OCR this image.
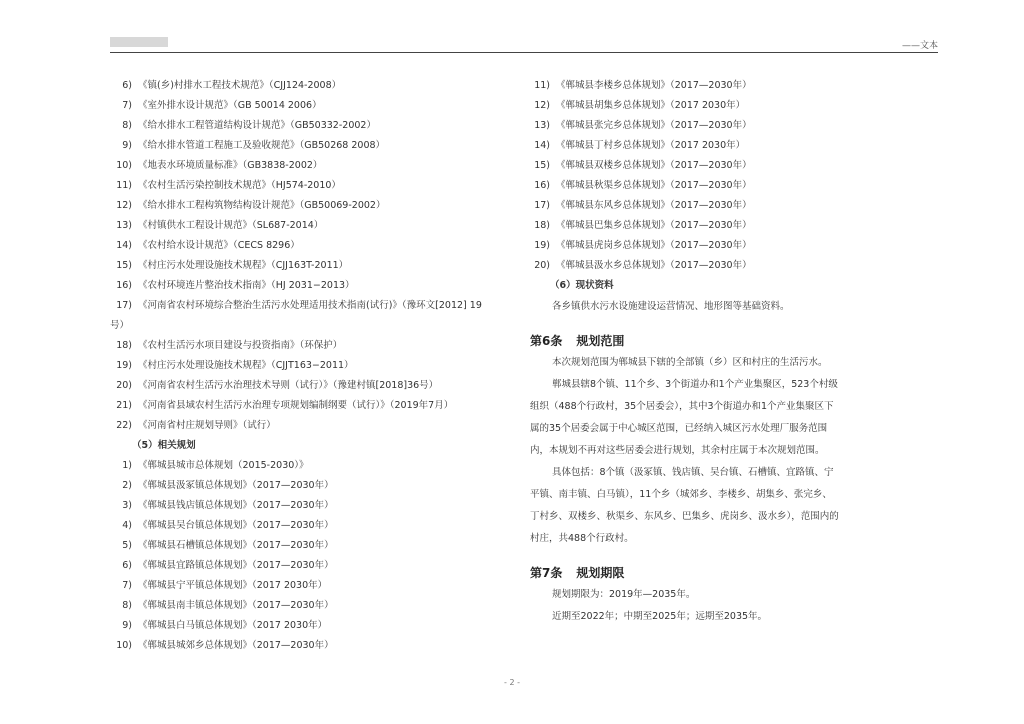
——文本
6) 《镇(乡)村排水工程技术规范》（CJJ124-2008）
7) 《室外排水设计规范》（GB 50014 2006）
8) 《给水排水工程管道结构设计规范》（GB50332-2002）
9) 《给水排水管道工程施工及验收规范》（GB50268 2008）
10) 《地表水环境质量标准》（GB3838-2002）
11) 《农村生活污染控制技术规范》（HJ574-2010）
12) 《给水排水工程构筑物结构设计规范》（GB50069-2002）
13) 《村镇供水工程设计规范》（SL687-2014）
14) 《农村给水设计规范》（CECS 8296）
15) 《村庄污水处理设施技术规程》（CJJ163T-2011）
16) 《农村环境连片整治技术指南》（HJ 2031−2013）
17) 《河南省农村环境综合整治生活污水处理适用技术指南(试行)》（豫环文[2012] 19
号）
18) 《农村生活污水项目建设与投资指南》（环保护）
19) 《村庄污水处理设施技术规程》（CJJT163−2011）
20) 《河南省农村生活污水治理技术导则（试行）》（豫建村镇[2018]36号）
21) 《河南省县域农村生活污水治理专项规划编制纲要（试行）》（2019年7月）
22) 《河南省村庄规划导则》（试行）
（5）相关规划
1) 《郸城县城市总体规划（2015-2030）》
2) 《郸城县汲冢镇总体规划》（2017—2030年）
3) 《郸城县钱店镇总体规划》（2017—2030年）
4) 《郸城县吴台镇总体规划》（2017—2030年）
5) 《郸城县石槽镇总体规划》（2017—2030年）
6) 《郸城县宜路镇总体规划》（2017—2030年）
7) 《郸城县宁平镇总体规划》（2017 2030年）
8) 《郸城县南丰镇总体规划》（2017—2030年）
9) 《郸城县白马镇总体规划》（2017 2030年）
10) 《郸城县城郊乡总体规划》（2017—2030年）
11) 《郸城县李楼乡总体规划》（2017—2030年）
12) 《郸城县胡集乡总体规划》（2017 2030年）
13) 《郸城县张完乡总体规划》（2017—2030年）
14) 《郸城县丁村乡总体规划》（2017 2030年）
15) 《郸城县双楼乡总体规划》（2017—2030年）
16) 《郸城县秋渠乡总体规划》（2017—2030年）
17) 《郸城县东风乡总体规划》（2017—2030年）
18) 《郸城县巴集乡总体规划》（2017—2030年）
19) 《郸城县虎岗乡总体规划》（2017—2030年）
20) 《郸城县汲水乡总体规划》（2017—2030年）
（6）现状资料
各乡镇供水污水设施建设运营情况、地形图等基础资料。
第6条 规划范围
本次规划范围为郸城县下辖的全部镇（乡）区和村庄的生活污水。
郸城县辖8个镇、11个乡、3个街道办和1个产业集聚区，523个村级组织（488个行政村，35个居委会），其中3个街道办和1个产业集聚区下属的35个居委会属于中心城区范围，已经纳入城区污水处理厂服务范围内，本规划不再对这些居委会进行规划，其余村庄属于本次规划范围。
具体包括：8个镇（汲冢镇、钱店镇、吴台镇、石槽镇、宜路镇、宁平镇、南丰镇、白马镇），11个乡（城郊乡、李楼乡、胡集乡、张完乡、丁村乡、双楼乡、秋渠乡、东风乡、巴集乡、虎岗乡、汲水乡），范围内的村庄，共488个行政村。
第7条 规划期限
规划期限为：2019年—2035年。
近期至2022年；中期至2025年；远期至2035年。
- 2 -
